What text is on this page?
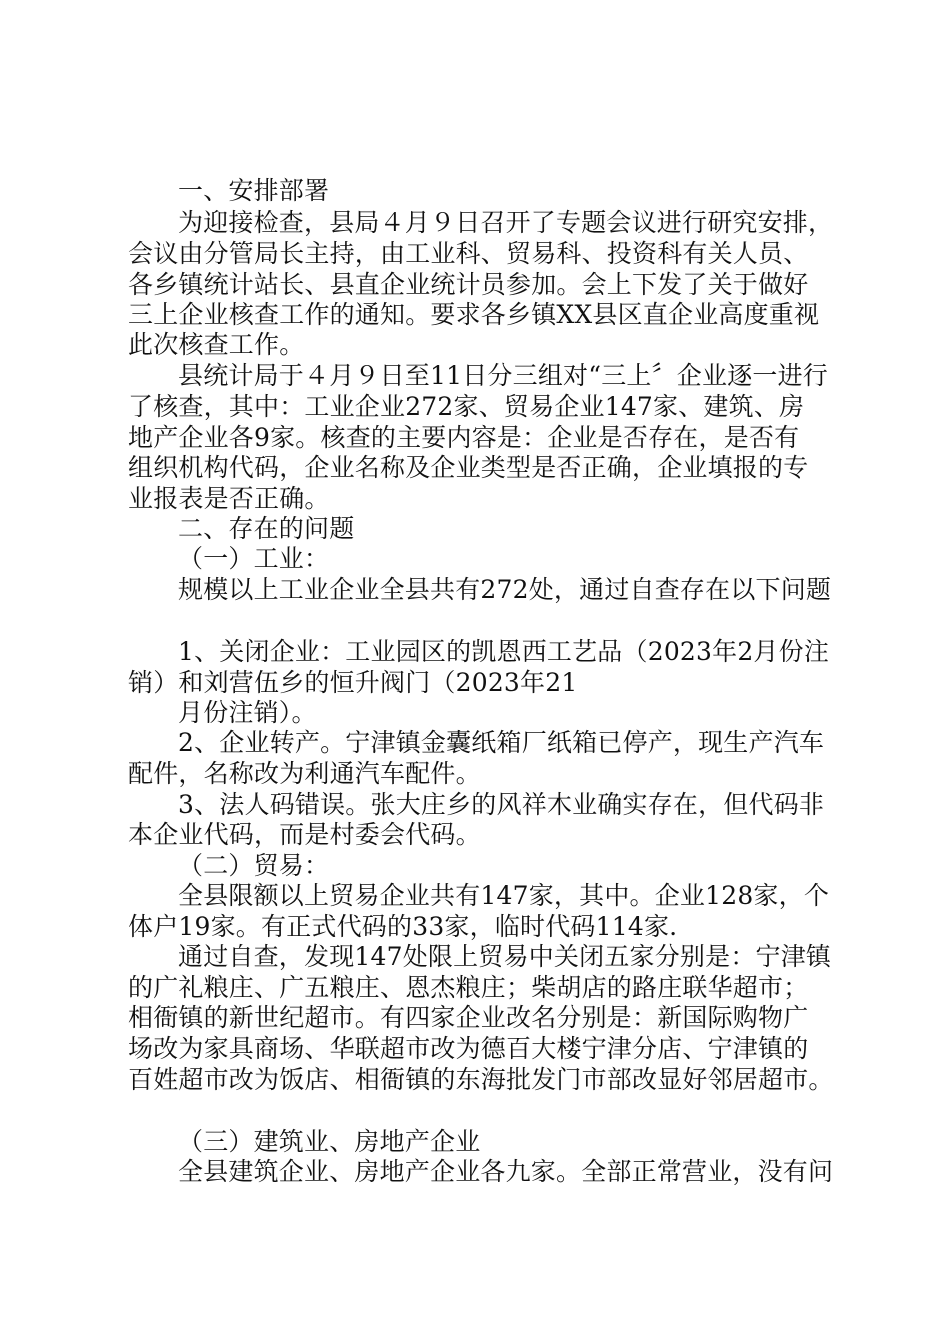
一、安排部署
为迎接检查，县局４月９日召开了专题会议进行研究安排，
会议由分管局长主持，由工业科、贸易科、投资科有关人员、
各乡镇统计站长、县直企业统计员参加。会上下发了关于做好
三上企业核查工作的通知。要求各乡镇XX县区直企业高度重视
此次核查工作。
县统计局于４月９日至11日分三组对“三上〞企业逐一进行
了核查，其中：工业企业272家、贸易企业147家、建筑、房
地产企业各9家。核查的主要内容是：企业是否存在，是否有
组织机构代码，企业名称及企业类型是否正确，企业填报的专
业报表是否正确。
二、存在的问题
（一）工业：
规模以上工业企业全县共有272处，通过自查存在以下问题
1、关闭企业：工业园区的凯恩西工艺品（2023年2月份注
销）和刘营伍乡的恒升阀门（2023年21
月份注销）。
2、企业转产。宁津镇金囊纸箱厂纸箱已停产，现生产汽车
配件，名称改为利通汽车配件。
3、法人码错误。张大庄乡的风祥木业确实存在，但代码非
本企业代码，而是村委会代码。
（二）贸易：
全县限额以上贸易企业共有147家，其中。企业128家，个
体户19家。有正式代码的33家，临时代码114家.
通过自查，发现147处限上贸易中关闭五家分别是：宁津镇
的广礼粮庄、广五粮庄、恩杰粮庄；柴胡店的路庄联华超市；
相衙镇的新世纪超市。有四家企业改名分别是：新国际购物广
场改为家具商场、华联超市改为德百大楼宁津分店、宁津镇的
百姓超市改为饭店、相衙镇的东海批发门市部改显好邻居超市。
（三）建筑业、房地产企业
全县建筑企业、房地产企业各九家。全部正常营业，没有问
